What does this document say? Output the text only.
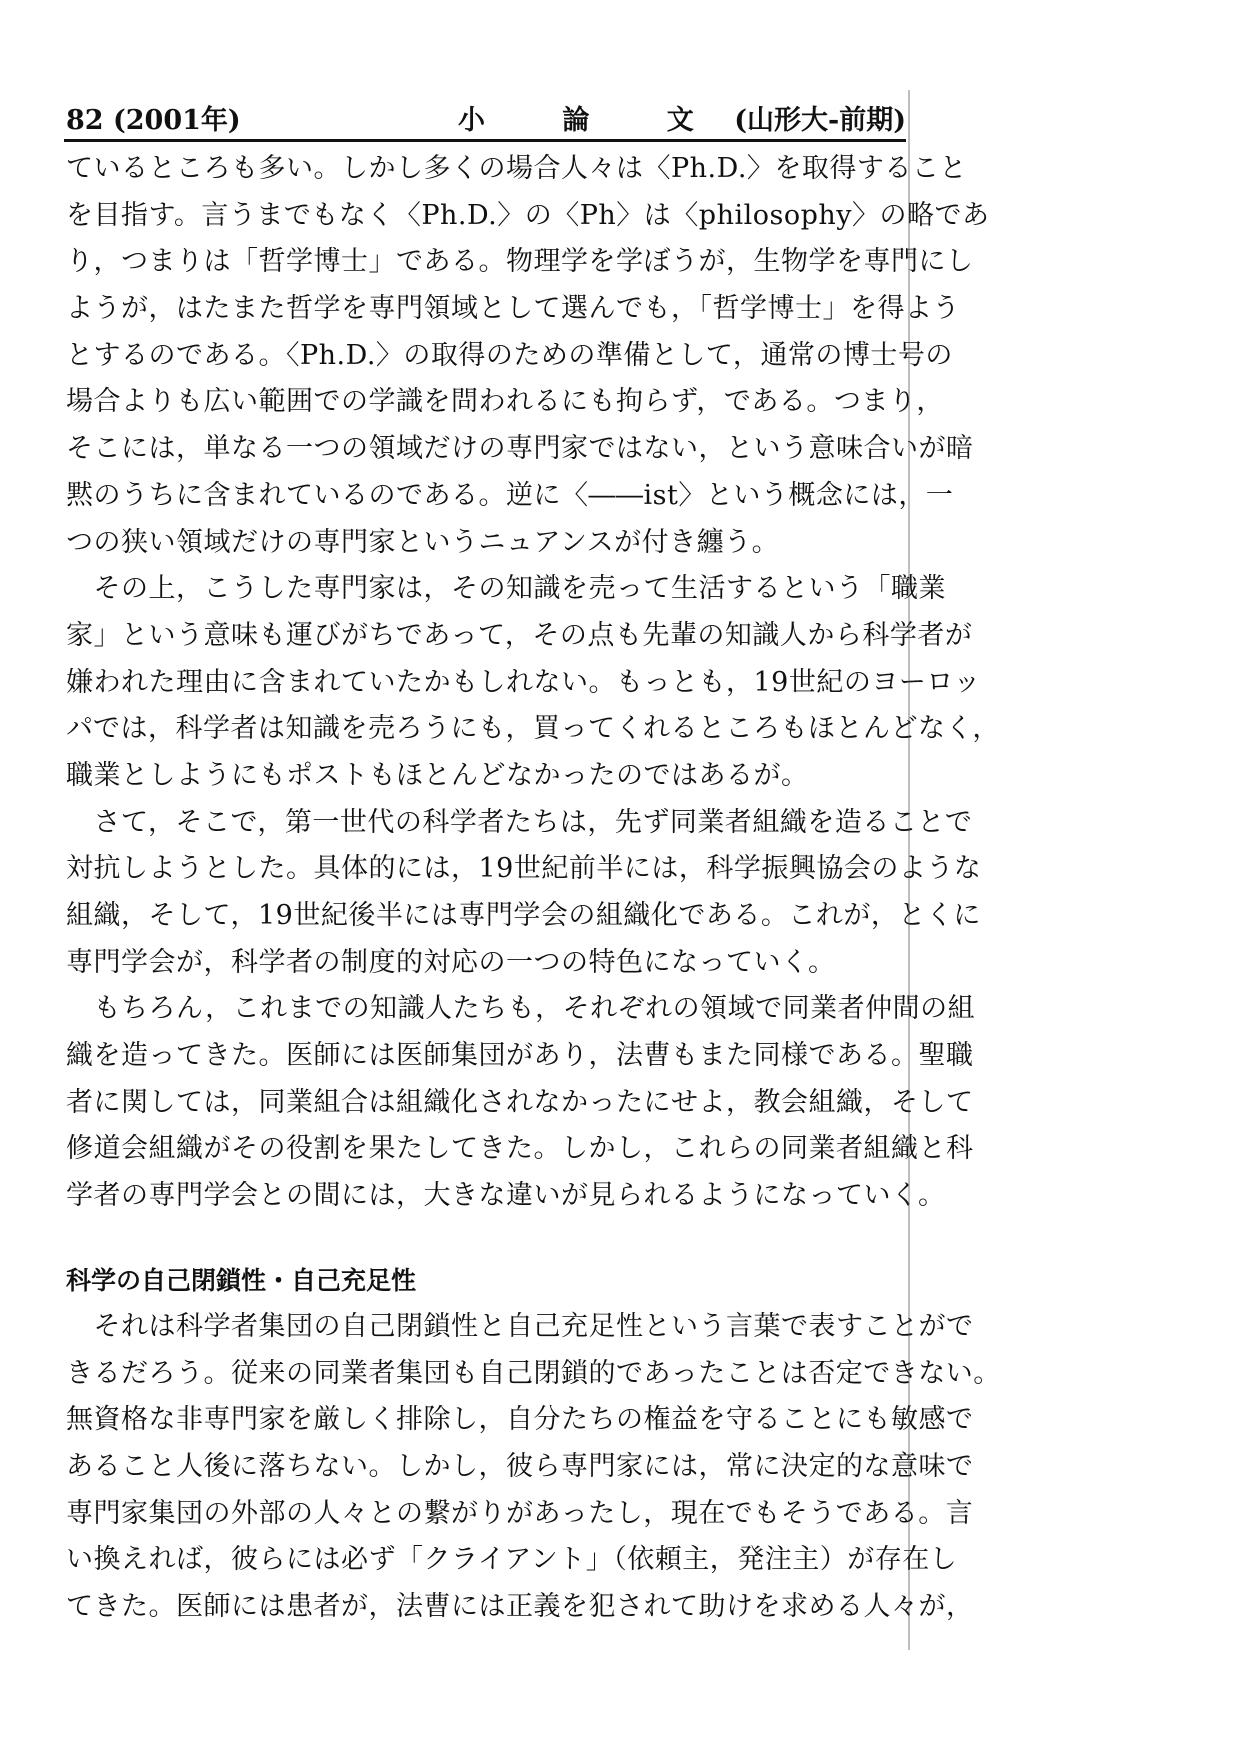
82 (2001年)	小 論 文 (山形大-前期)
ているところも多い。しかし多くの場合人々は〈Ph.D.〉を取得すること
を目指す。言うまでもなく〈Ph.D.〉の〈Ph〉は〈philosophy〉の略であ
り，つまりは「哲学博士」である。物理学を学ぼうが，生物学を専門にし
ようが，はたまた哲学を専門領域として選んでも，「哲学博士」を得よう
とするのである。〈Ph.D.〉の取得のための準備として，通常の博士号の
場合よりも広い範囲での学識を問われるにも拘らず，である。つまり，
そこには，単なる一つの領域だけの専門家ではない，という意味合いが暗
黙のうちに含まれているのである。逆に〈――ist〉という概念には，一
つの狭い領域だけの専門家というニュアンスが付き纏う。
　その上，こうした専門家は，その知識を売って生活するという「職業
家」という意味も運びがちであって，その点も先輩の知識人から科学者が
嫌われた理由に含まれていたかもしれない。もっとも，19世紀のヨーロッ
パでは，科学者は知識を売ろうにも，買ってくれるところもほとんどなく，
職業としようにもポストもほとんどなかったのではあるが。
　さて，そこで，第一世代の科学者たちは，先ず同業者組織を造ることで
対抗しようとした。具体的には，19世紀前半には，科学振興協会のような
組織，そして，19世紀後半には専門学会の組織化である。これが，とくに
専門学会が，科学者の制度的対応の一つの特色になっていく。
　もちろん，これまでの知識人たちも，それぞれの領域で同業者仲間の組
織を造ってきた。医師には医師集団があり，法曹もまた同様である。聖職
者に関しては，同業組合は組織化されなかったにせよ，教会組織，そして
修道会組織がその役割を果たしてきた。しかし，これらの同業者組織と科
学者の専門学会との間には，大きな違いが見られるようになっていく。
科学の自己閉鎖性・自己充足性
　それは科学者集団の自己閉鎖性と自己充足性という言葉で表すことがで
きるだろう。従来の同業者集団も自己閉鎖的であったことは否定できない。
無資格な非専門家を厳しく排除し，自分たちの権益を守ることにも敏感で
あること人後に落ちない。しかし，彼ら専門家には，常に決定的な意味で
専門家集団の外部の人々との繋がりがあったし，現在でもそうである。言
い換えれば，彼らには必ず「クライアント」（依頼主，発注主）が存在し
てきた。医師には患者が，法曹には正義を犯されて助けを求める人々が，
